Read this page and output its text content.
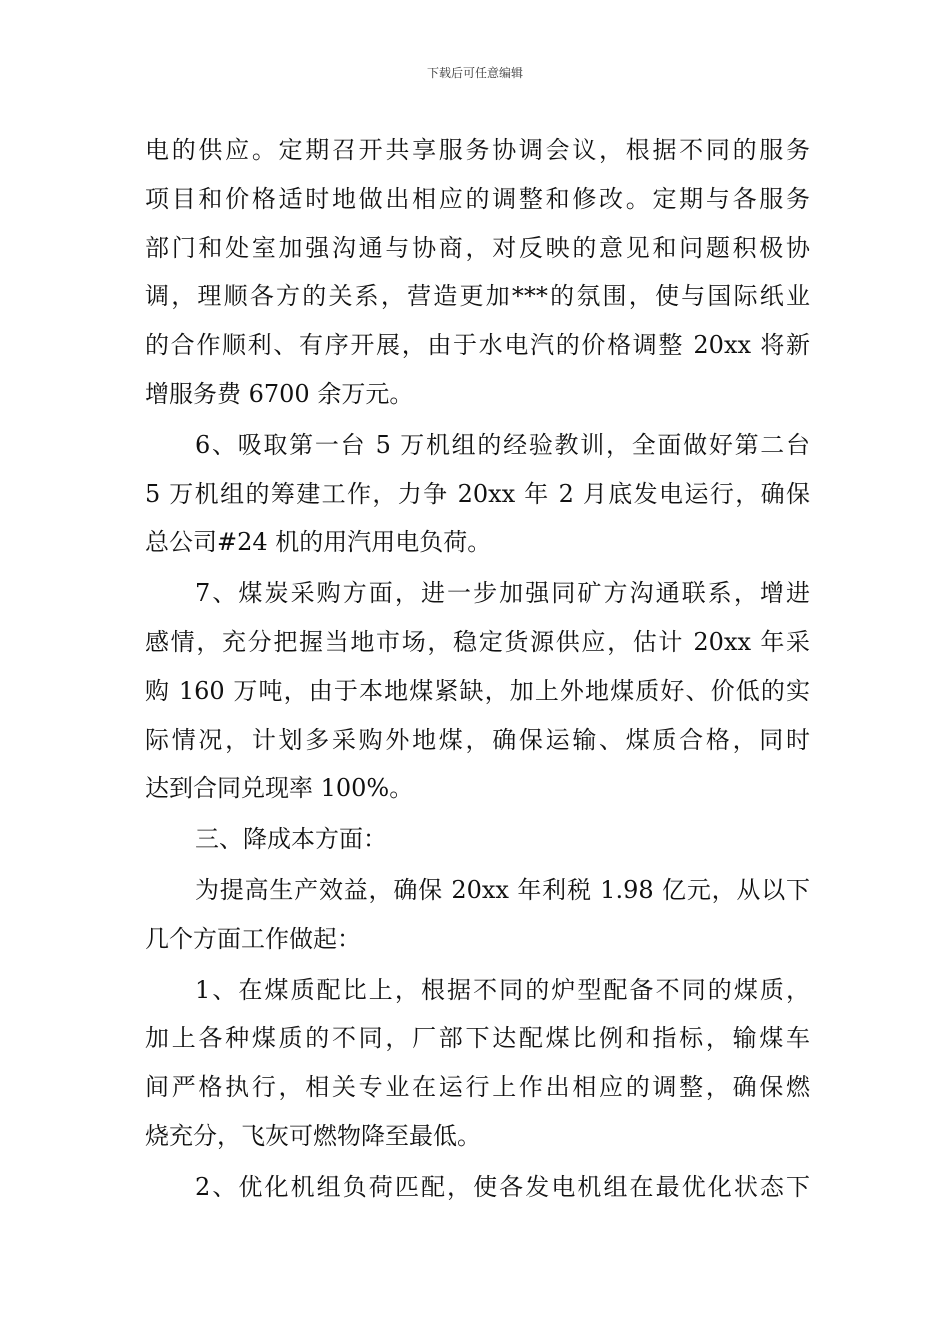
下载后可任意编辑
电的供应。定期召开共享服务协调会议，根据不同的服务
项目和价格适时地做出相应的调整和修改。定期与各服务
部门和处室加强沟通与协商，对反映的意见和问题积极协
调，理顺各方的关系，营造更加***的氛围，使与国际纸业
的合作顺利、有序开展，由于水电汽的价格调整 20xx 将新
增服务费 6700 余万元。
6、吸取第一台 5 万机组的经验教训，全面做好第二台
5 万机组的筹建工作，力争 20xx 年 2 月底发电运行，确保
总公司#24 机的用汽用电负荷。
7、煤炭采购方面，进一步加强同矿方沟通联系，增进
感情，充分把握当地市场，稳定货源供应，估计 20xx 年采
购 160 万吨，由于本地煤紧缺，加上外地煤质好、价低的实
际情况，计划多采购外地煤，确保运输、煤质合格，同时
达到合同兑现率 100%。
三、降成本方面：
为提高生产效益，确保 20xx 年利税 1.98 亿元，从以下
几个方面工作做起：
1、在煤质配比上，根据不同的炉型配备不同的煤质，
加上各种煤质的不同，厂部下达配煤比例和指标，输煤车
间严格执行，相关专业在运行上作出相应的调整，确保燃
烧充分，飞灰可燃物降至最低。
2、优化机组负荷匹配，使各发电机组在最优化状态下
